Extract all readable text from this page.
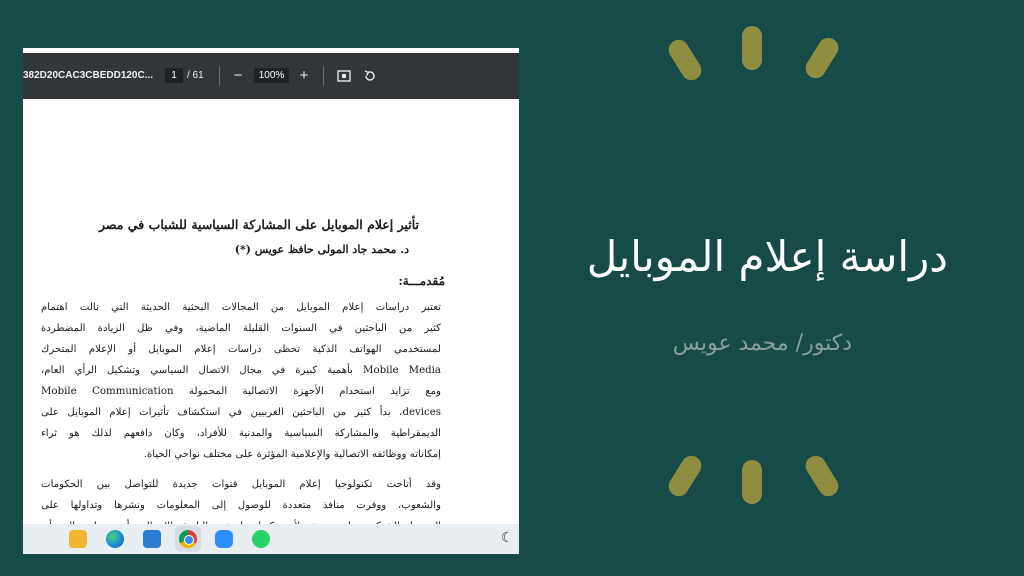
دراسة إعلام الموبايل
دكتور/ محمد عويس
382D20CAC3CBEDD120C...	1	/ 61	−	100%	+
تأثير إعلام الموبايل على المشاركة السياسية للشباب في مصر
د. محمد جاد المولى حافظ عويس (*)
مُقدمـــة:
تعتبر دراسات إعلام الموبايل من المجالات البحثية الحديثة التي نالت اهتمام
كثير من الباحثين في السنوات القليلة الماضية، وفي ظل الزيادة المضطردة
لمستخدمي الهواتف الذكية تحظى دراسات إعلام الموبايل أو الإعلام المتحرك
Mobile Media بأهمية كبيرة في مجال الاتصال السياسي وتشكيل الرأي العام،
ومع تزايد استخدام الأجهزة الاتصالية المحمولة Mobile Communication
devices، بدأ كثير من الباحثين الغربيين في استكشاف تأثيرات إعلام الموبايل على
الديمقراطية والمشاركة السياسية والمدنية للأفراد، وكان دافعهم لذلك هو ثراء
إمكاناته ووظائفه الاتصالية والإعلامية المؤثرة على مختلف نواحي الحياة.
وقد أتاحت تكنولوجيا إعلام الموبايل قنوات جديدة للتواصل بين الحكومات
والشعوب، ووفرت منافذ متعددة للوصول إلى المعلومات ونشرها وتداولها على
☾
